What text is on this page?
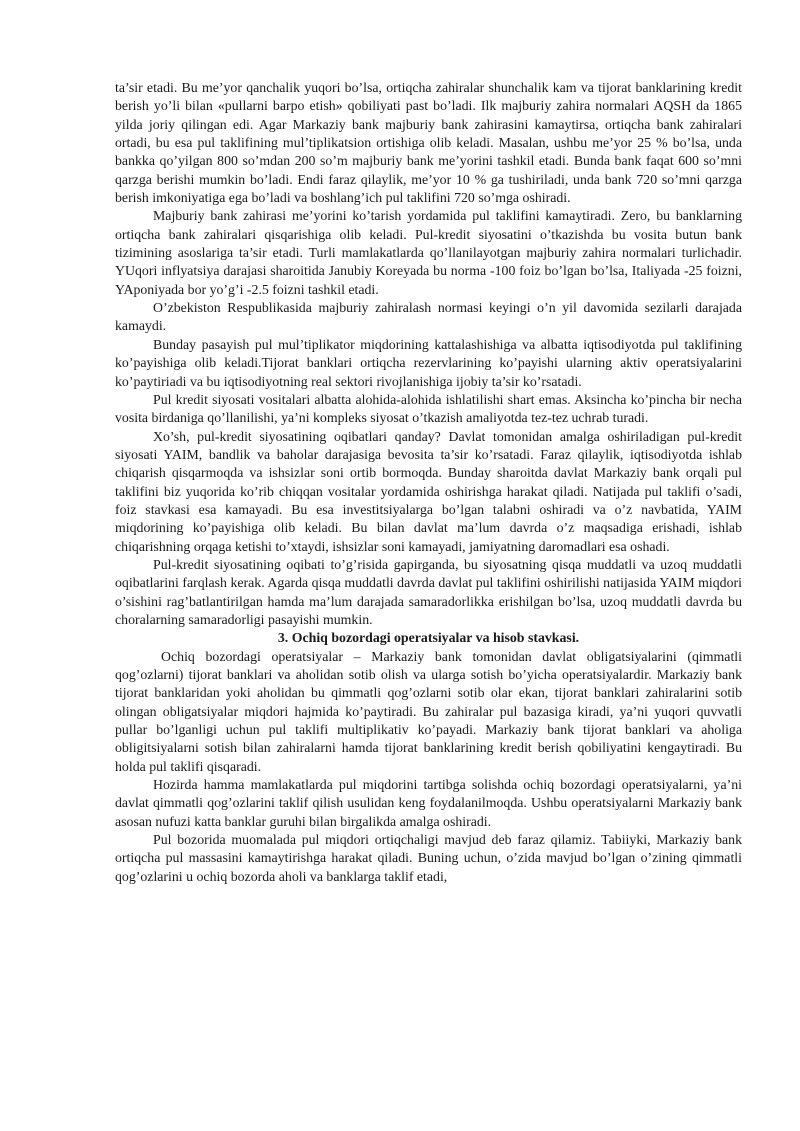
ta’sir etadi. Bu me’yor qanchalik yuqori bo’lsa, ortiqcha zahiralar shunchalik kam va tijorat banklarining kredit berish yo’li bilan «pullarni barpo etish» qobiliyati past bo’ladi. Ilk majburiy zahira normalari AQSH da 1865 yilda joriy qilingan edi. Agar Markaziy bank majburiy bank zahirasini kamaytirsa, ortiqcha bank zahiralari ortadi, bu esa pul taklifining mul’tiplikatsion ortishiga olib keladi. Masalan, ushbu me’yor 25 % bo’lsa, unda bankka qo’yilgan 800 so’mdan 200 so’m majburiy bank me’yorini tashkil etadi. Bunda bank faqat 600 so’mni qarzga berishi mumkin bo’ladi. Endi faraz qilaylik, me’yor 10 % ga tushiriladi, unda bank 720 so’mni qarzga berish imkoniyatiga ega bo’ladi va boshlang’ich pul taklifini 720 so’mga oshiradi.

Majburiy bank zahirasi me’yorini ko’tarish yordamida pul taklifini kamaytiradi. Zero, bu banklarning ortiqcha bank zahiralari qisqarishiga olib keladi. Pul-kredit siyosatini o’tkazishda bu vosita butun bank tizimining asoslariga ta’sir etadi. Turli mamlakatlarda qo’llanilayotgan majburiy zahira normalari turlichadir. YUqori inflyatsiya darajasi sharoitida Janubiy Koreyada bu norma -100 foiz bo’lgan bo’lsa, Italiyada -25 foizni, YAponiyada bor yo’g’i -2.5 foizni tashkil etadi.

O’zbekiston Respublikasida majburiy zahiralash normasi keyingi o’n yil davomida sezilarli darajada kamaydi.

Bunday pasayish pul mul’tiplikator miqdorining kattalashishiga va albatta iqtisodiyotda pul taklifining ko’payishiga olib keladi.Tijorat banklari ortiqcha rezervlarining ko’payishi ularning aktiv operatsiyalarini ko’paytiriadi va bu iqtisodiyotning real sektori rivojlanishiga ijobiy ta’sir ko’rsatadi.

Pul kredit siyosati vositalari albatta alohida-alohida ishlatilishi shart emas. Aksincha ko’pincha bir necha vosita birdaniga qo’llanilishi, ya’ni kompleks siyosat o’tkazish amaliyotda tez-tez uchrab turadi.

Xo’sh, pul-kredit siyosatining oqibatlari qanday? Davlat tomonidan amalga oshiriladigan pul-kredit siyosati YAIM, bandlik va baholar darajasiga bevosita ta’sir ko’rsatadi. Faraz qilaylik, iqtisodiyotda ishlab chiqarish qisqarmoqda va ishsizlar soni ortib bormoqda. Bunday sharoitda davlat Markaziy bank orqali pul taklifini biz yuqorida ko’rib chiqqan vositalar yordamida oshirishga harakat qiladi. Natijada pul taklifi o’sadi, foiz stavkasi esa kamayadi. Bu esa investitsiyalarga bo’lgan talabni oshiradi va o’z navbatida, YAIM miqdorining ko’payishiga olib keladi. Bu bilan davlat ma’lum davrda o’z maqsadiga erishadi, ishlab chiqarishning orqaga ketishi to’xtaydi, ishsizlar soni kamayadi, jamiyatning daromadlari esa oshadi.

Pul-kredit siyosatining oqibati to’g’risida gapirganda, bu siyosatning qisqa muddatli va uzoq muddatli oqibatlarini farqlash kerak. Agarda qisqa muddatli davrda davlat pul taklifini oshirilishi natijasida YAIM miqdori o’sishini rag’batlantirilgan hamda ma’lum darajada samaradorlikka erishilgan bo’lsa, uzoq muddatli davrda bu choralarning samaradorligi pasayishi mumkin.

3. Ochiq bozordagi operatsiyalar va hisob stavkasi.

Ochiq bozordagi operatsiyalar – Markaziy bank tomonidan davlat obligatsiyalarini (qimmatli qog’ozlarni) tijorat banklari va aholidan sotib olish va ularga sotish bo’yicha operatsiyalardir. Markaziy bank tijorat banklaridan yoki aholidan bu qimmatli qog’ozlarni sotib olar ekan, tijorat banklari zahiralarini sotib olingan obligatsiyalar miqdori hajmida ko’paytiradi. Bu zahiralar pul bazasiga kiradi, ya’ni yuqori quvvatli pullar bo’lganligi uchun pul taklifi multiplikativ ko’payadi. Markaziy bank tijorat banklari va aholiga obligitsiyalarni sotish bilan zahiralarni hamda tijorat banklarining kredit berish qobiliyatini kengaytiradi. Bu holda pul taklifi qisqaradi.

Hozirda hamma mamlakatlarda pul miqdorini tartibga solishda ochiq bozordagi operatsiyalarni, ya’ni davlat qimmatli qog’ozlarini taklif qilish usulidan keng foydalanilmoqda. Ushbu operatsiyalarni Markaziy bank asosan nufuzi katta banklar guruhi bilan birgalikda amalga oshiradi.

Pul bozorida muomalada pul miqdori ortiqchaligi mavjud deb faraz qilamiz. Tabiiyki, Markaziy bank ortiqcha pul massasini kamaytirishga harakat qiladi. Buning uchun, o’zida mavjud bo’lgan o’zining qimmatli qog’ozlarini u ochiq bozorda aholi va banklarga taklif etadi,
